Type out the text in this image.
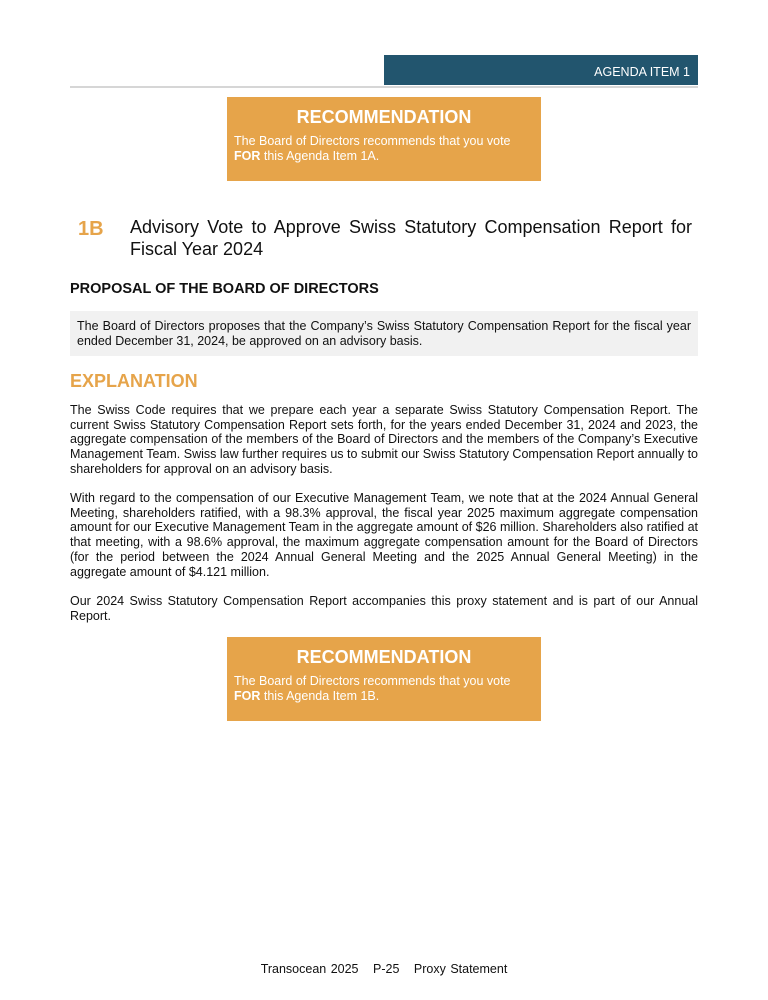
AGENDA ITEM 1
RECOMMENDATION

The Board of Directors recommends that you vote
FOR this Agenda Item 1A.

1B Advisory Vote to Approve Swiss Statutory Compensation Report for Fiscal Year 2024
PROPOSAL OF THE BOARD OF DIRECTORS
The Board of Directors proposes that the Company’s Swiss Statutory Compensation Report for the fiscal year ended December 31, 2024, be approved on an advisory basis.
EXPLANATION

The Swiss Code requires that we prepare each year a separate Swiss Statutory Compensation Report. The current Swiss Statutory Compensation Report sets forth, for the years ended December 31, 2024 and 2023, the aggregate compensation of the members of the Board of Directors and the members of the Company’s Executive Management Team. Swiss law further requires us to submit our Swiss Statutory Compensation Report annually to shareholders for approval on an advisory basis.

With regard to the compensation of our Executive Management Team, we note that at the 2024 Annual General Meeting, shareholders ratified, with a 98.3% approval, the fiscal year 2025 maximum aggregate compensation amount for our Executive Management Team in the aggregate amount of $26 million. Shareholders also ratified at that meeting, with a 98.6% approval, the maximum aggregate compensation amount for the Board of Directors (for the period between the 2024 Annual General Meeting and the 2025 Annual General Meeting) in the aggregate amount of $4.121 million.

Our 2024 Swiss Statutory Compensation Report accompanies this proxy statement and is part of our Annual Report.

RECOMMENDATION

The Board of Directors recommends that you vote
FOR this Agenda Item 1B.

Transocean 2025 P-25 Proxy Statement
